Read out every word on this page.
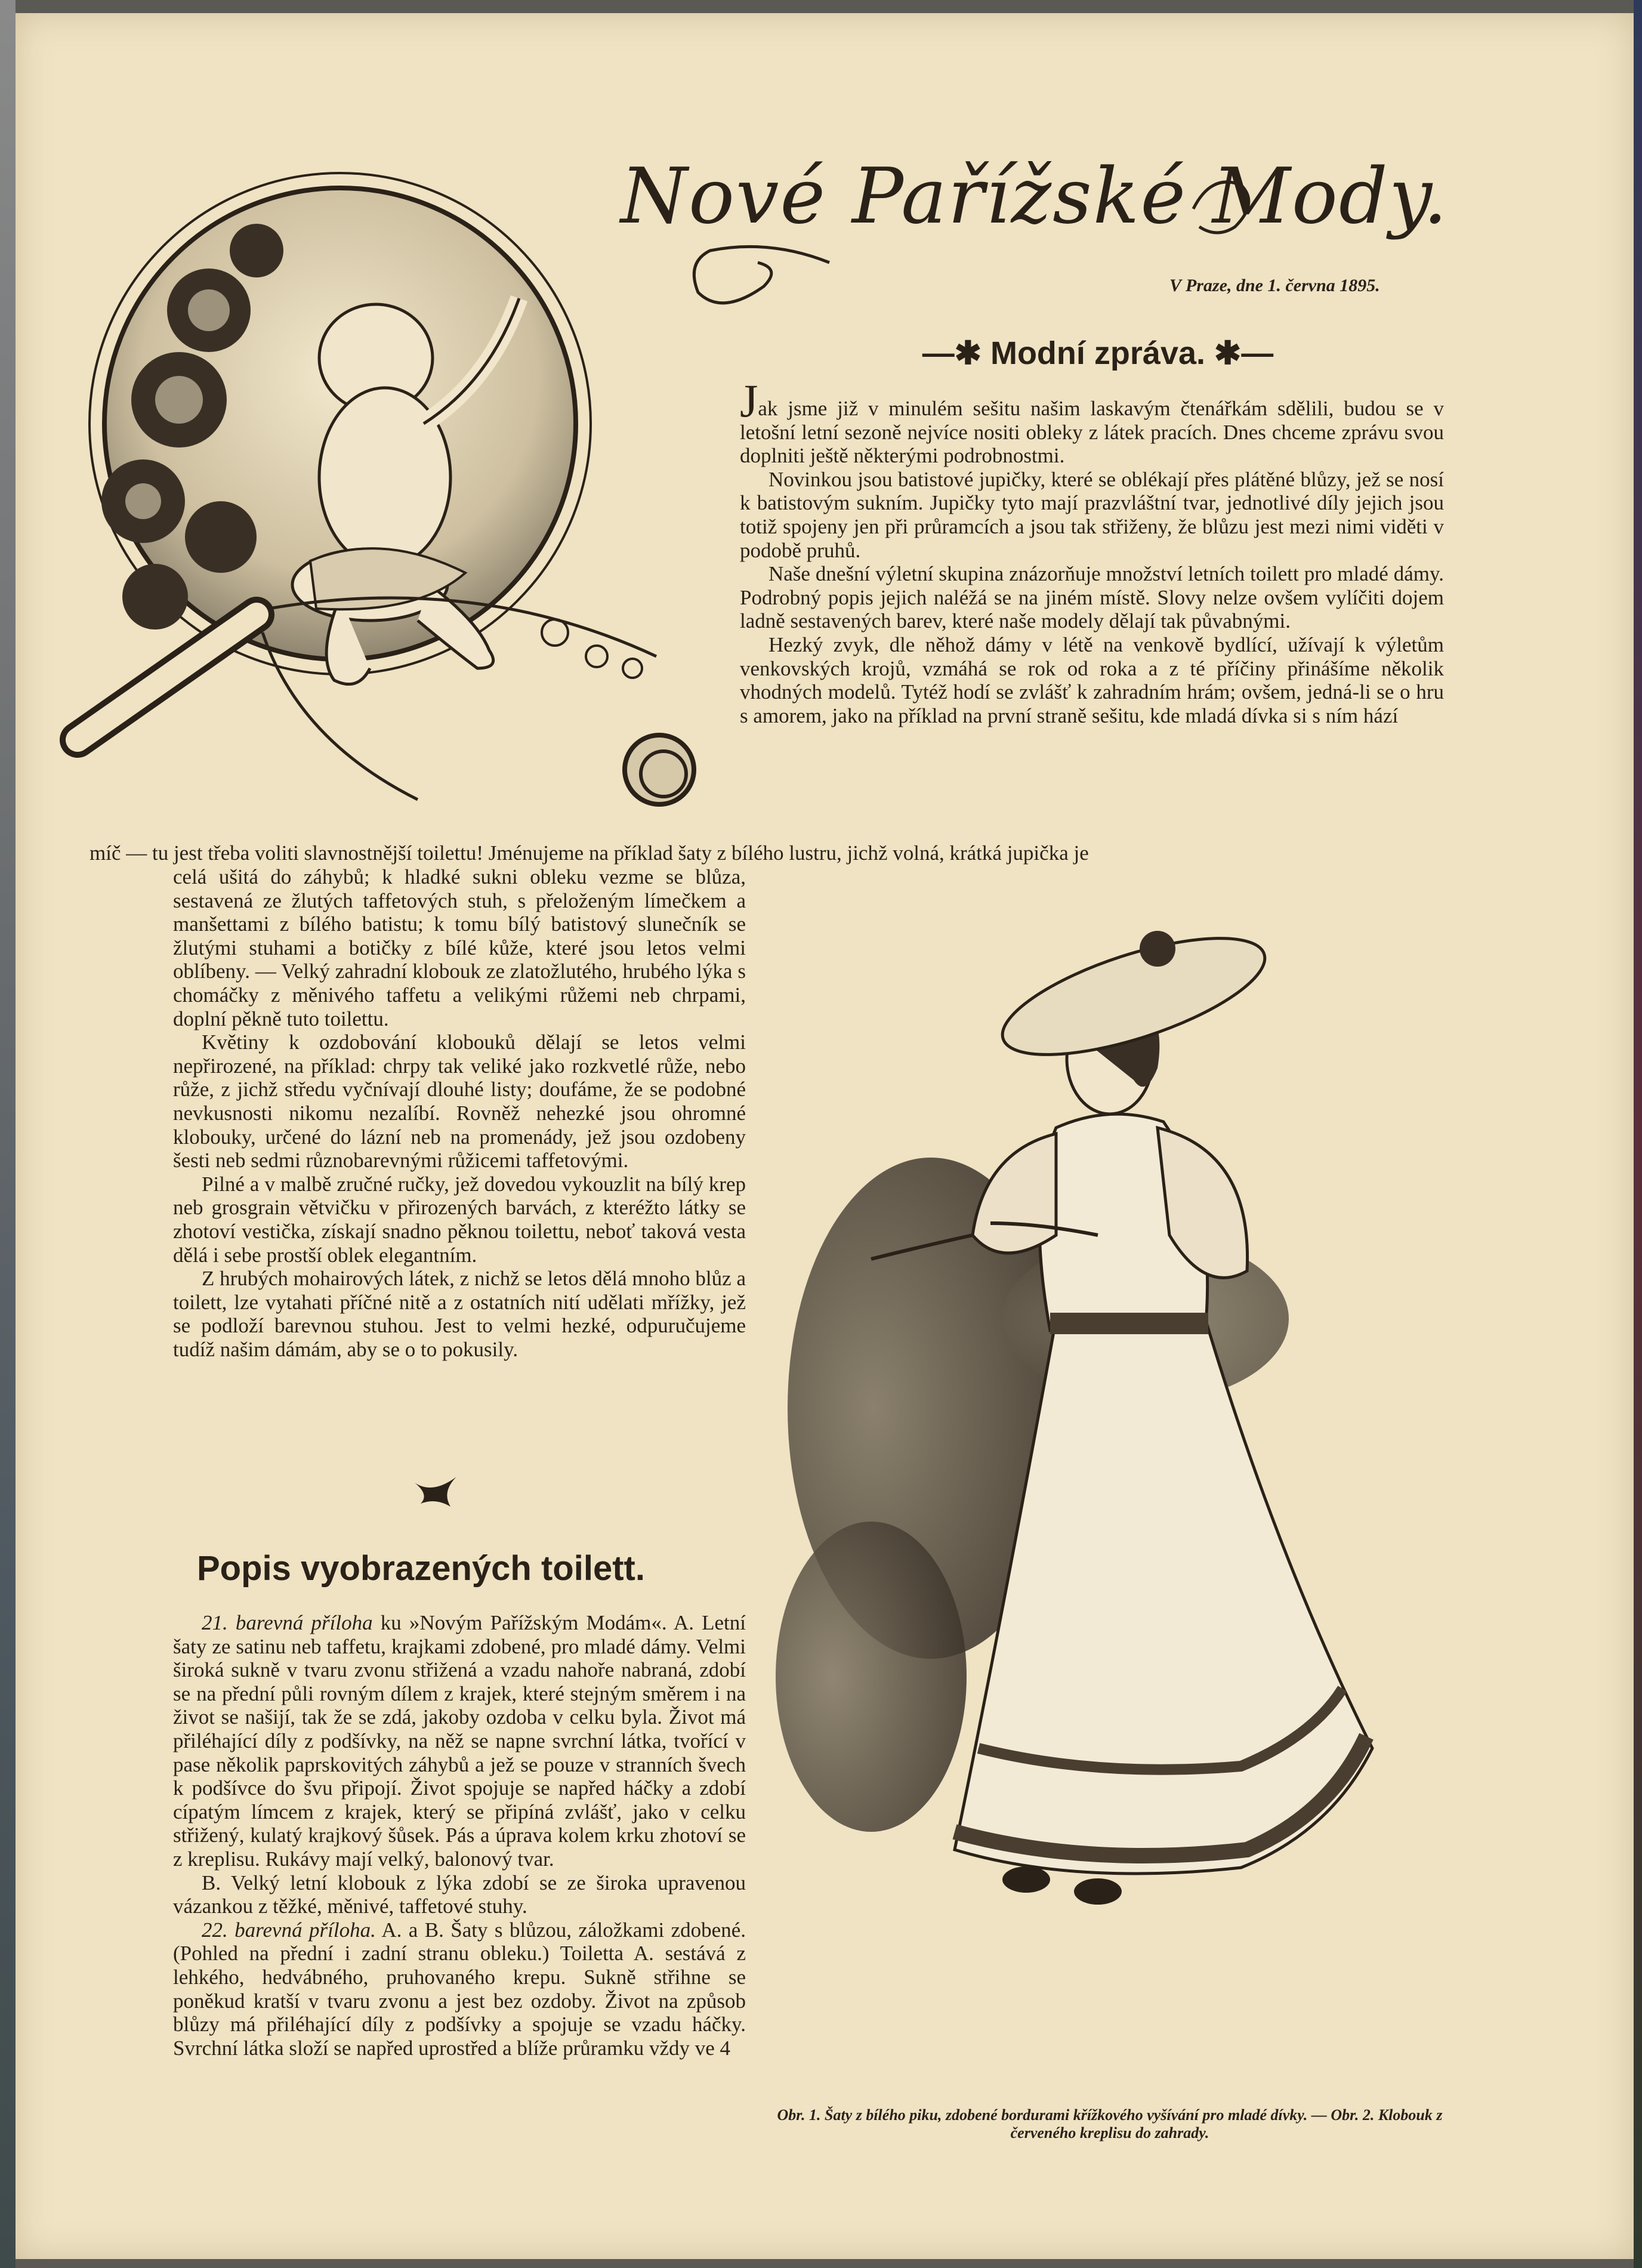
Nové Pařížské Mody.
V Praze, dne 1. června 1895.
—✱ Modní zpráva. ✱—

Jak jsme již v minulém sešitu našim laskavým čtenářkám sdělili, budou se v letošní letní sezoně nejvíce nositi obleky z látek pracích. Dnes chceme zprávu svou doplniti ještě některými podrobnostmi.

Novinkou jsou batistové jupičky, které se oblékají přes plátěné blůzy, jež se nosí k batistovým sukním. Jupičky tyto mají prazvláštní tvar, jednotlivé díly jejich jsou totiž spojeny jen při průramcích a jsou tak střiženy, že blůzu jest mezi nimi viděti v podobě pruhů.

Naše dnešní výletní skupina znázorňuje množství letních toilett pro mladé dámy. Podrobný popis jejich naléžá se na jiném místě. Slovy nelze ovšem vylíčiti dojem ladně sestavených barev, které naše modely dělají tak půvabnými.

Hezký zvyk, dle něhož dámy v létě na venkově bydlící, užívají k výletům venkovských krojů, vzmáhá se rok od roka a z té příčiny přinášíme několik vhodných modelů. Tytéž hodí se zvlášť k zahradním hrám; ovšem, jedná-li se o hru s amorem, jako na příklad na první straně sešitu, kde mladá dívka si s ním hází

míč — tu jest třeba voliti slavnostnější toilettu! Jménujeme na příklad šaty z bílého lustru, jichž volná, krátká jupička je

celá ušitá do záhybů; k hladké sukni obleku vezme se blůza, sestavená ze žlutých taffetových stuh, s přeloženým límečkem a manšettami z bílého batistu; k tomu bílý batistový slunečník se žlutými stuhami a botičky z bílé kůže, které jsou letos velmi oblíbeny. — Velký zahradní klobouk ze zlatožlutého, hrubého lýka s chomáčky z měnivého taffetu a velikými růžemi neb chrpami, doplní pěkně tuto toilettu.

Květiny k ozdobování klobouků dělají se letos velmi nepřirozené, na příklad: chrpy tak veliké jako rozkvetlé růže, nebo růže, z jichž středu vyčnívají dlouhé listy; doufáme, že se podobné nevkusnosti nikomu nezalíbí. Rovněž nehezké jsou ohromné klobouky, určené do lázní neb na promenády, jež jsou ozdobeny šesti neb sedmi různobarevnými růžicemi taffetovými.

Pilné a v malbě zručné ručky, jež dovedou vykouzlit na bílý krep neb grosgrain větvičku v přirozených barvách, z kteréžto látky se zhotoví vestička, získají snadno pěknou toilettu, neboť taková vesta dělá i sebe prostší oblek elegantním.

Z hrubých mohairových látek, z nichž se letos dělá mnoho blůz a toilett, lze vytahati příčné nitě a z ostatních nití udělati mřížky, jež se podloží barevnou stuhou. Jest to velmi hezké, odpuručujeme tudíž našim dámám, aby se o to pokusily.

Popis vyobrazených toilett.

21. barevná příloha ku »Novým Pařížským Modám«. A. Letní šaty ze satinu neb taffetu, krajkami zdobené, pro mladé dámy. Velmi široká sukně v tvaru zvonu střižená a vzadu nahoře nabraná, zdobí se na přední půli rovným dílem z krajek, které stejným směrem i na život se našijí, tak že se zdá, jakoby ozdoba v celku byla. Život má přiléhající díly z podšívky, na něž se napne svrchní látka, tvořící v pase několik paprskovitých záhybů a jež se pouze v stranních švech k podšívce do švu připojí. Život spojuje se napřed háčky a zdobí cípatým límcem z krajek, který se připíná zvlášť, jako v celku střižený, kulatý krajkový šůsek. Pás a úprava kolem krku zhotoví se z kreplisu. Rukávy mají velký, balonový tvar.

B. Velký letní klobouk z lýka zdobí se ze široka upravenou vázankou z těžké, měnivé, taffetové stuhy.

22. barevná příloha. A. a B. Šaty s blůzou, záložkami zdobené. (Pohled na přední i zadní stranu obleku.) Toiletta A. sestává z lehkého, hedvábného, pruhovaného krepu. Sukně střihne se poněkud kratší v tvaru zvonu a jest bez ozdoby. Život na způsob blůzy má přiléhající díly z podšívky a spojuje se vzadu háčky. Svrchní látka složí se napřed uprostřed a blíže průramku vždy ve 4

Obr. 1. Šaty z bílého piku, zdobené bordurami křížkového vyšívání pro mladé dívky. — Obr. 2. Klobouk z červeného kreplisu do zahrady.
